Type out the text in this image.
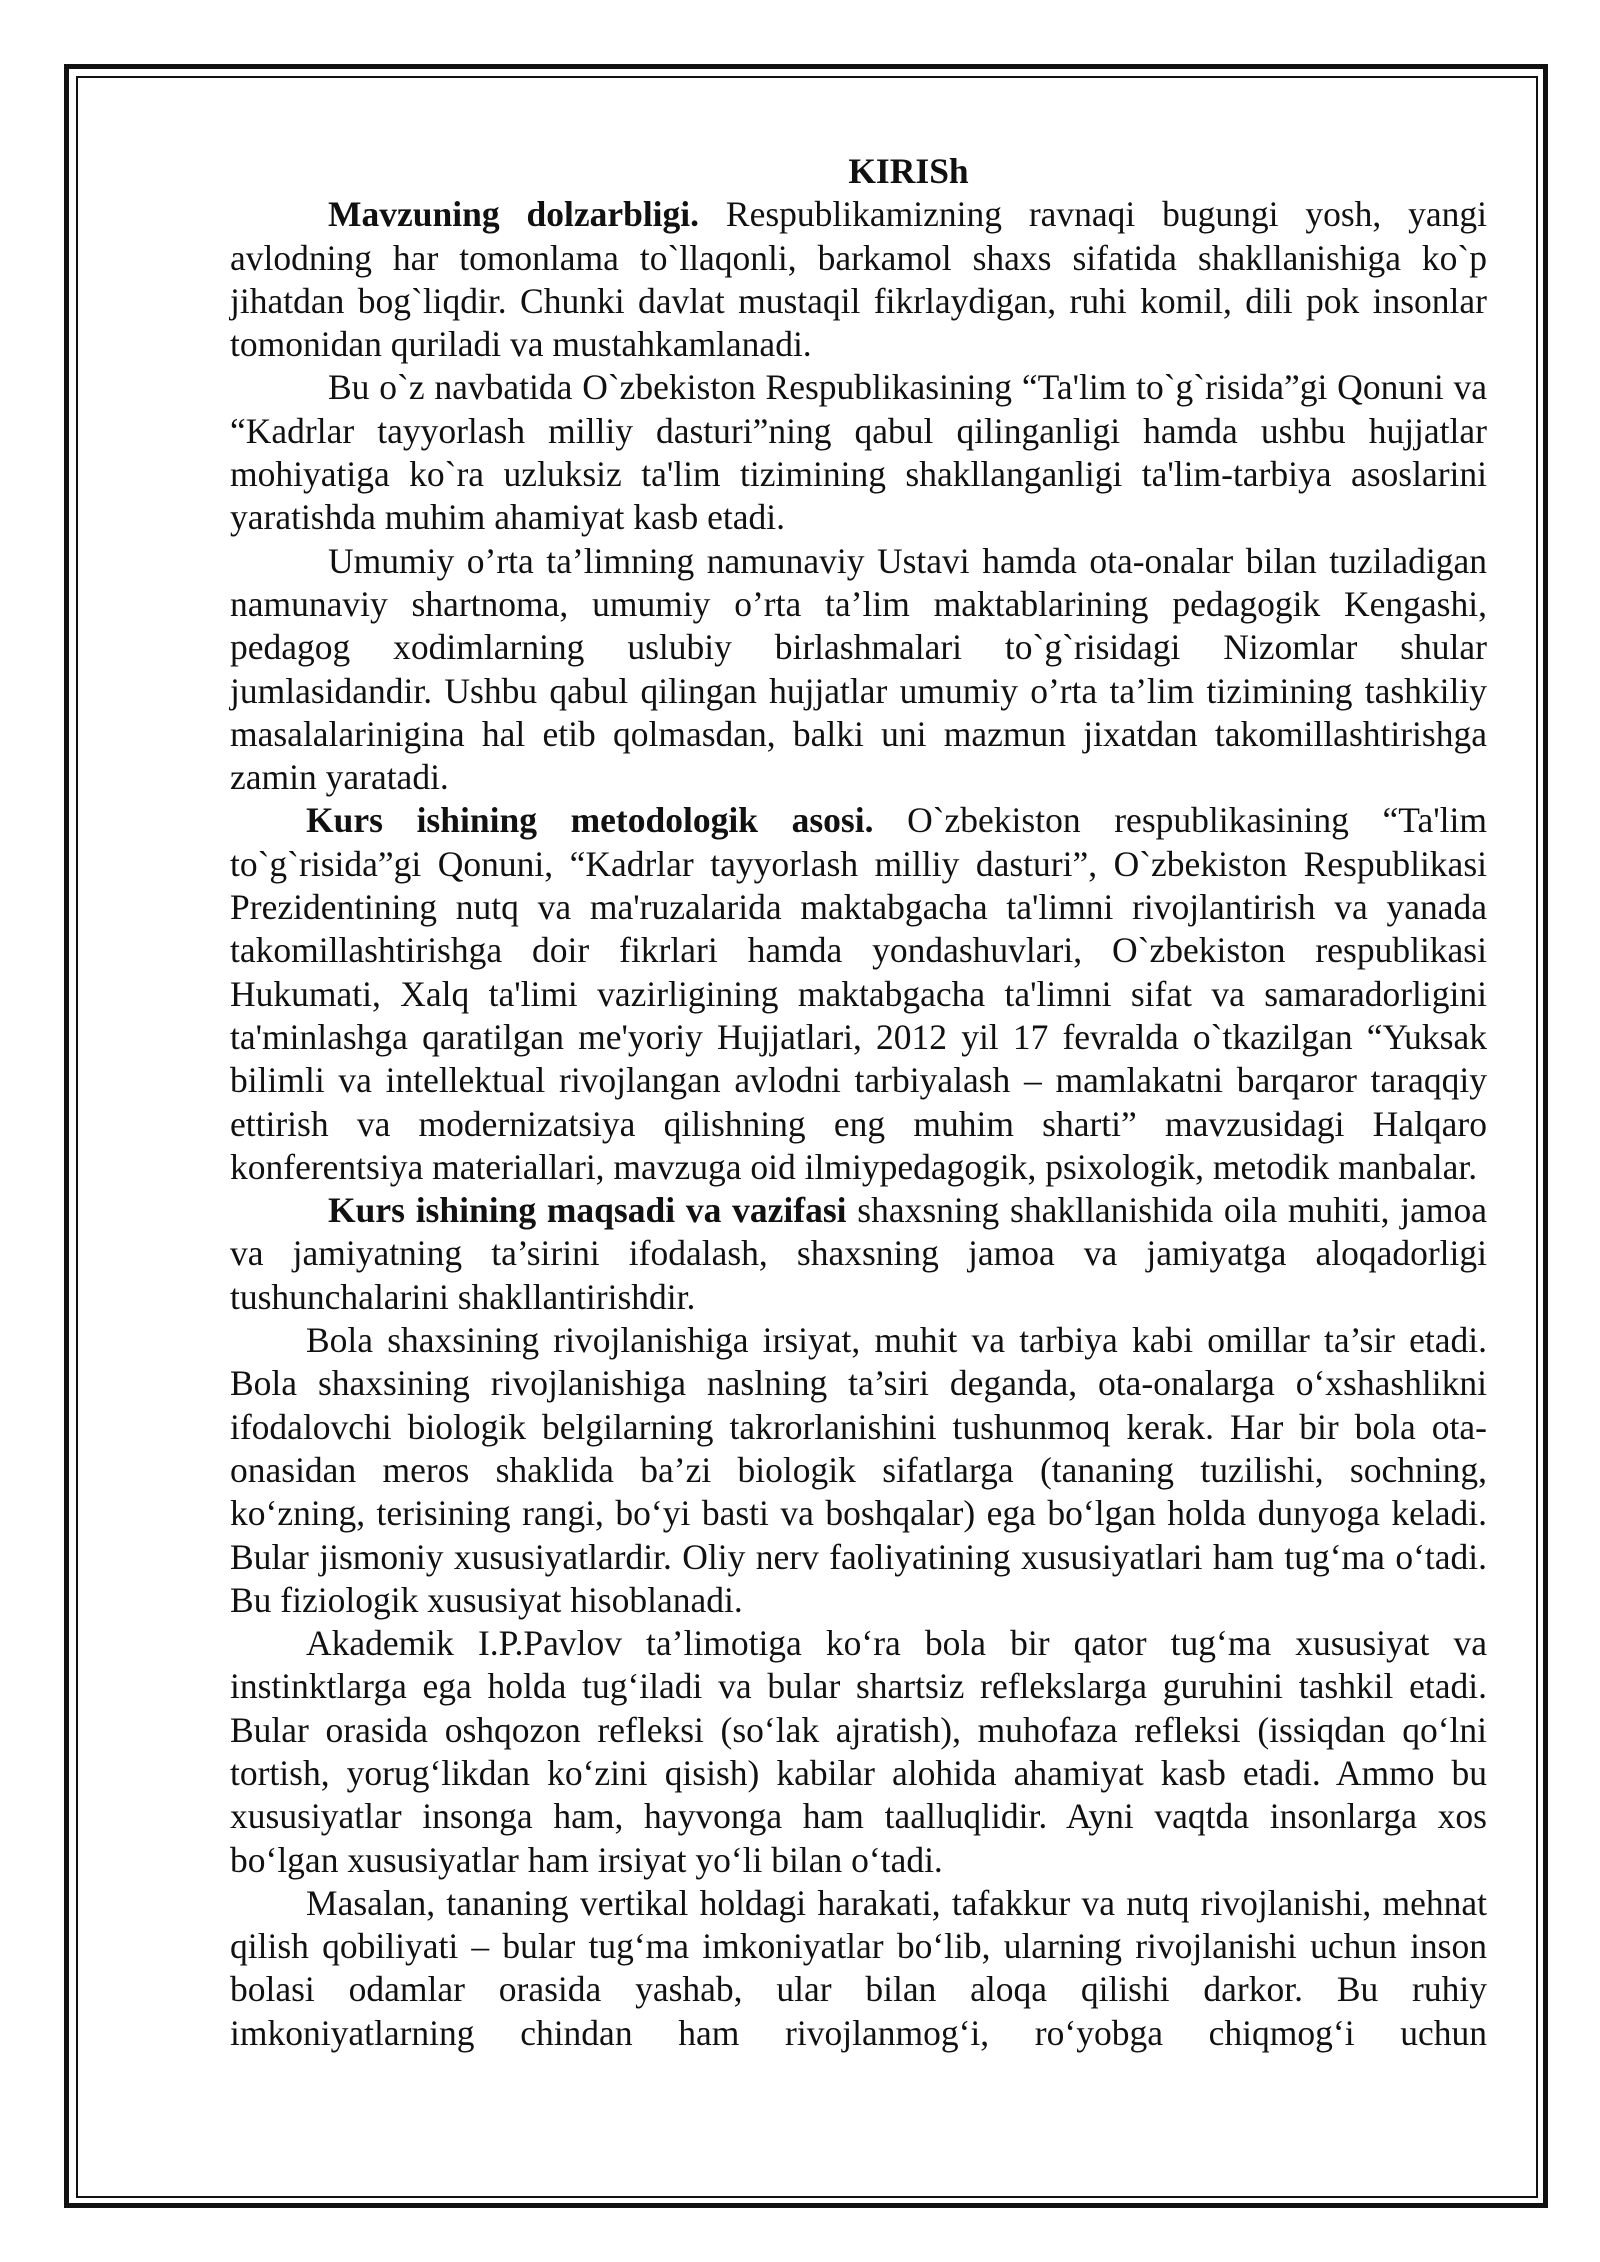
KIRISh

Mavzuning dolzarbligi. Respublikamizning ravnaqi bugungi yosh, yangi avlodning har tomonlama to`llaqonli, barkamol shaxs sifatida shakllanishiga ko`p jihatdan bog`liqdir. Chunki davlat mustaqil fikrlaydigan, ruhi komil, dili pok insonlar tomonidan quriladi va mustahkamlanadi.

Bu o`z navbatida O`zbekiston Respublikasining “Ta'lim to`g`risida”gi Qonuni va “Kadrlar tayyorlash milliy dasturi”ning qabul qilinganligi hamda ushbu hujjatlar mohiyatiga ko`ra uzluksiz ta'lim tizimining shakllanganligi ta'lim-tarbiya asoslarini yaratishda muhim ahamiyat kasb etadi.

Umumiy o’rta ta’limning namunaviy Ustavi hamda ota-onalar bilan tuziladigan namunaviy shartnoma, umumiy o’rta ta’lim maktablarining pedagogik Kengashi, pedagog xodimlarning uslubiy birlashmalari to`g`risidagi Nizomlar shular jumlasidandir. Ushbu qabul qilingan hujjatlar umumiy o’rta ta’lim tizimining tashkiliy masalalarinigina hal etib qolmasdan, balki uni mazmun jixatdan takomillashtirishga zamin yaratadi.

Kurs ishining metodologik asosi. O`zbekiston respublikasining “Ta'lim to`g`risida”gi Qonuni, “Kadrlar tayyorlash milliy dasturi”, O`zbekiston Respublikasi Prezidentining nutq va ma'ruzalarida maktabgacha ta'limni rivojlantirish va yanada takomillashtirishga doir fikrlari hamda yondashuvlari, O`zbekiston respublikasi Hukumati, Xalq ta'limi vazirligining maktabgacha ta'limni sifat va samaradorligini ta'minlashga qaratilgan me'yoriy Hujjatlari, 2012 yil 17 fevralda o`tkazilgan “Yuksak bilimli va intellektual rivojlangan avlodni tarbiyalash – mamlakatni barqaror taraqqiy ettirish va modernizatsiya qilishning eng muhim sharti” mavzusidagi Halqaro konferentsiya materiallari, mavzuga oid ilmiypedagogik, psixologik, metodik manbalar.

Kurs ishining maqsadi va vazifasi shaxsning shakllanishida oila muhiti, jamoa va jamiyatning ta’sirini ifodalash, shaxsning jamoa va jamiyatga aloqadorligi tushunchalarini shakllantirishdir.

Bola shaxsining rivojlanishiga irsiyat, muhit va tarbiya kabi omillar ta’sir etadi. Bola shaxsining rivojlanishiga naslning ta’siri deganda, ota-onalarga o‘xshashlikni ifodalovchi biologik belgilarning takrorlanishini tushunmoq kerak. Har bir bola ota-onasidan meros shaklida ba’zi biologik sifatlarga (tananing tuzilishi, sochning, ko‘zning, terisining rangi, bo‘yi basti va boshqalar) ega bo‘lgan holda dunyoga keladi. Bular jismoniy xususiyatlardir. Oliy nerv faoliyatining xususiyatlari ham tug‘ma o‘tadi. Bu fiziologik xususiyat hisoblanadi.

Akademik I.P.Pavlov ta’limotiga ko‘ra bola bir qator tug‘ma xususiyat va instinktlarga ega holda tug‘iladi va bular shartsiz reflekslarga guruhini tashkil etadi. Bular orasida oshqozon refleksi (so‘lak ajratish), muhofaza refleksi (issiqdan qo‘lni tortish, yorug‘likdan ko‘zini qisish) kabilar alohida ahamiyat kasb etadi. Ammo bu xususiyatlar insonga ham, hayvonga ham taalluqlidir. Ayni vaqtda insonlarga xos bo‘lgan xususiyatlar ham irsiyat yo‘li bilan o‘tadi.

Masalan, tananing vertikal holdagi harakati, tafakkur va nutq rivojlanishi, mehnat qilish qobiliyati – bular tug‘ma imkoniyatlar bo‘lib, ularning rivojlanishi uchun inson bolasi odamlar orasida yashab, ular bilan aloqa qilishi darkor. Bu ruhiy imkoniyatlarning chindan ham rivojlanmog‘i, ro‘yobga chiqmog‘i uchun
